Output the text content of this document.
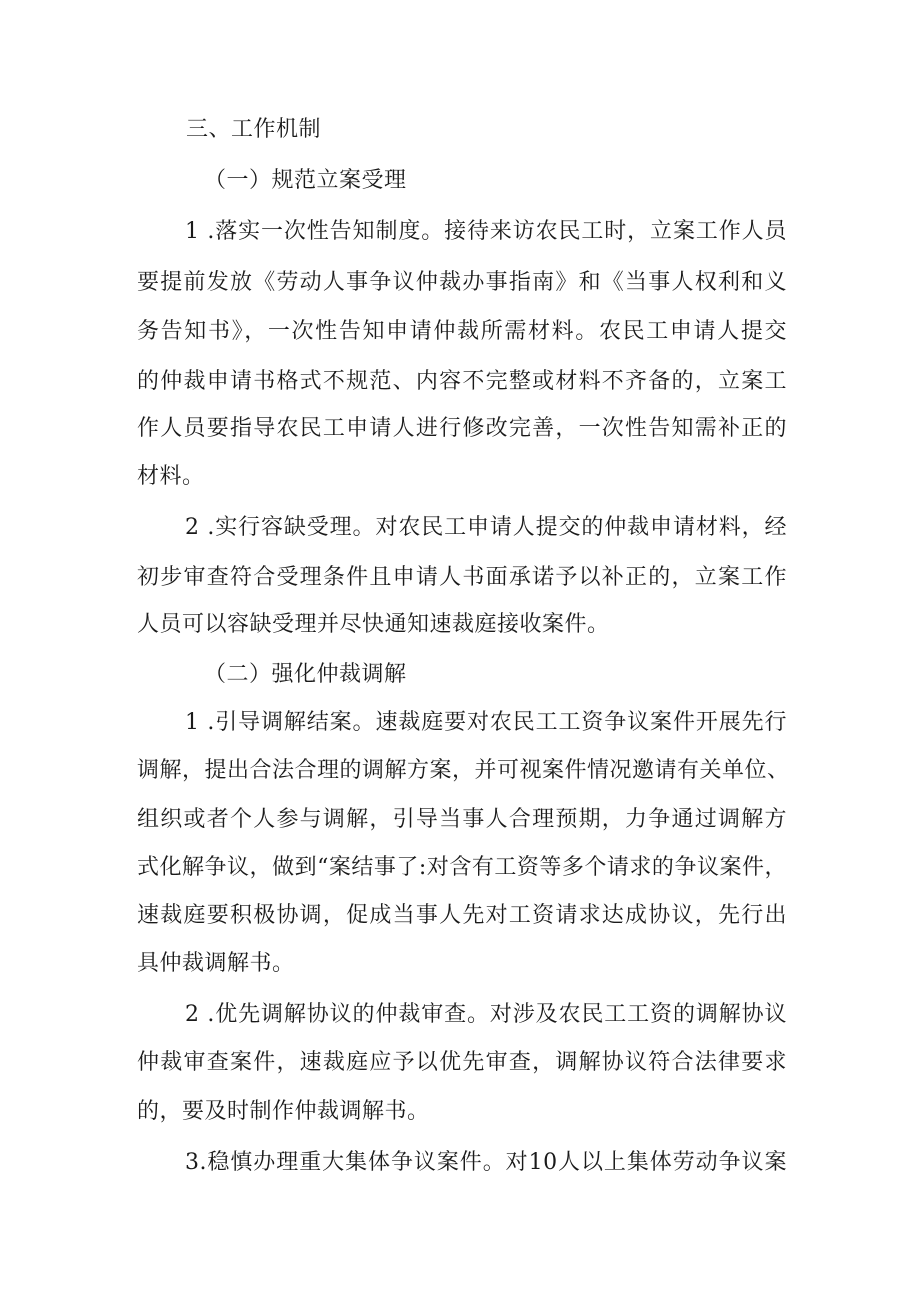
三、工作机制
（一）规范立案受理
1 .落实一次性告知制度。接待来访农民工时，立案工作人员
要提前发放《劳动人事争议仲裁办事指南》和《当事人权利和义
务告知书》，一次性告知申请仲裁所需材料。农民工申请人提交
的仲裁申请书格式不规范、内容不完整或材料不齐备的，立案工
作人员要指导农民工申请人进行修改完善，一次性告知需补正的
材料。
2 .实行容缺受理。对农民工申请人提交的仲裁申请材料，经
初步审查符合受理条件且申请人书面承诺予以补正的，立案工作
人员可以容缺受理并尽快通知速裁庭接收案件。
（二）强化仲裁调解
1 .引导调解结案。速裁庭要对农民工工资争议案件开展先行
调解，提出合法合理的调解方案，并可视案件情况邀请有关单位、
组织或者个人参与调解，引导当事人合理预期，力争通过调解方
式化解争议，做到“案结事了:对含有工资等多个请求的争议案件，
速裁庭要积极协调，促成当事人先对工资请求达成协议，先行出
具仲裁调解书。
2 .优先调解协议的仲裁审查。对涉及农民工工资的调解协议
仲裁审查案件，速裁庭应予以优先审查，调解协议符合法律要求
的，要及时制作仲裁调解书。
3.稳慎办理重大集体争议案件。对10人以上集体劳动争议案
